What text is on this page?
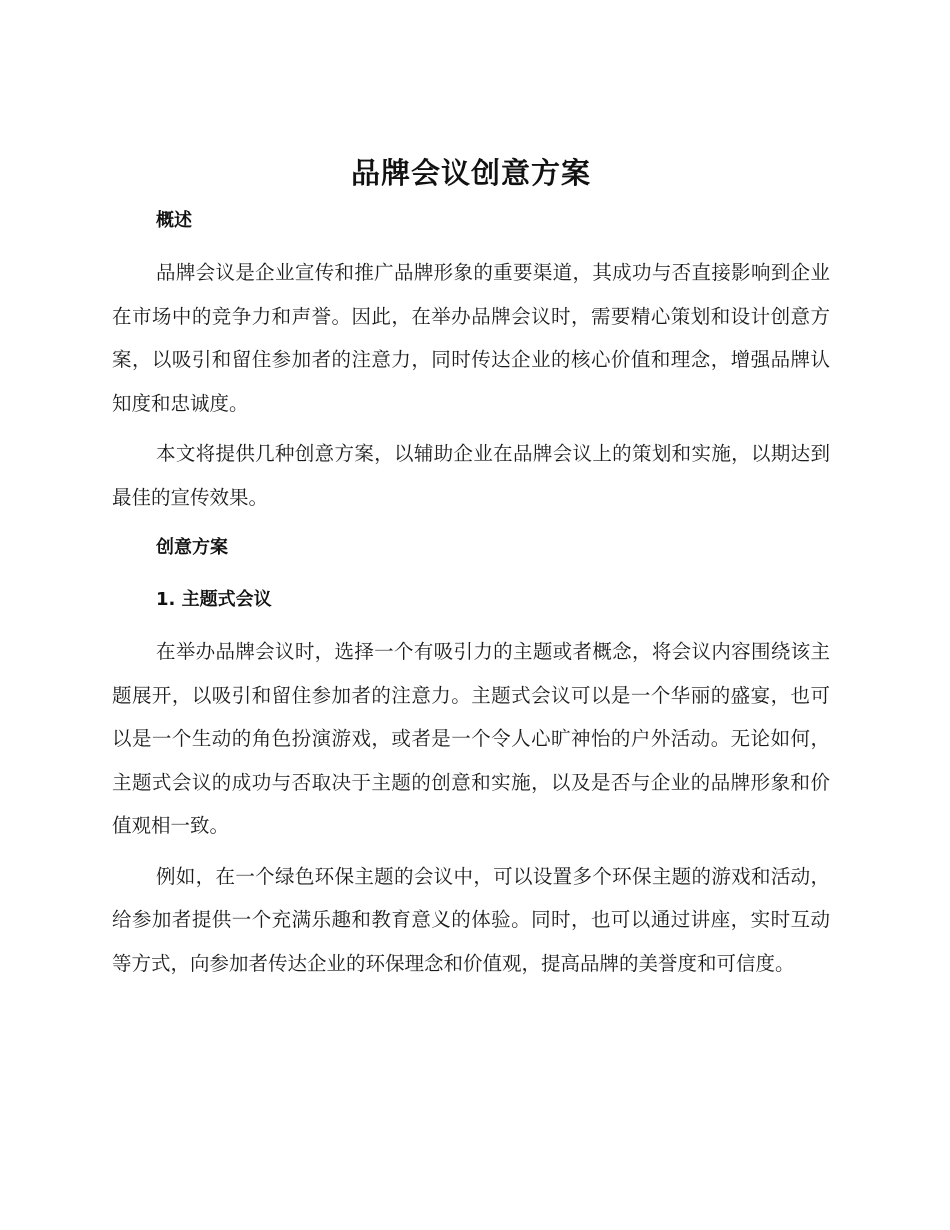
品牌会议创意方案
概述

品牌会议是企业宣传和推广品牌形象的重要渠道，其成功与否直接影响到企业在市场中的竞争力和声誉。因此，在举办品牌会议时，需要精心策划和设计创意方案，以吸引和留住参加者的注意力，同时传达企业的核心价值和理念，增强品牌认知度和忠诚度。

本文将提供几种创意方案，以辅助企业在品牌会议上的策划和实施，以期达到最佳的宣传效果。

创意方案
1. 主题式会议

在举办品牌会议时，选择一个有吸引力的主题或者概念，将会议内容围绕该主题展开，以吸引和留住参加者的注意力。主题式会议可以是一个华丽的盛宴，也可以是一个生动的角色扮演游戏，或者是一个令人心旷神怡的户外活动。无论如何，主题式会议的成功与否取决于主题的创意和实施，以及是否与企业的品牌形象和价值观相一致。

例如，在一个绿色环保主题的会议中，可以设置多个环保主题的游戏和活动，给参加者提供一个充满乐趣和教育意义的体验。同时，也可以通过讲座，实时互动等方式，向参加者传达企业的环保理念和价值观，提高品牌的美誉度和可信度。
